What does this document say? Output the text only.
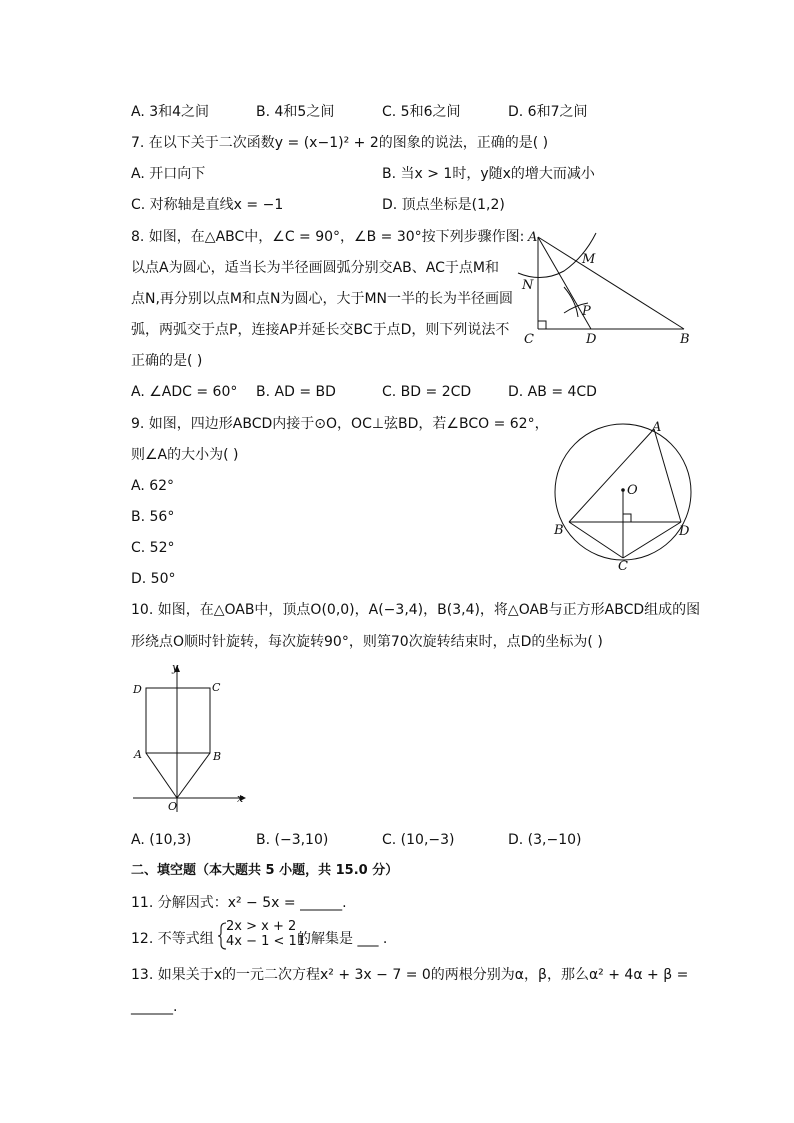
A. 3和4之间	B. 4和5之间	C. 5和6之间	D. 6和7之间
7. 在以下关于二次函数y = (x−1)² + 2的图象的说法，正确的是( )
A. 开口向下	B. 当x > 1时，y随x的增大而减小
C. 对称轴是直线x = −1	D. 顶点坐标是(1,2)
8. 如图，在△ABC中，∠C = 90°，∠B = 30°按下列步骤作图:
以点A为圆心，适当长为半径画圆弧分别交AB、AC于点M和
点N,再分别以点M和点N为圆心，大于MN一半的长为半径画圆
弧，两弧交于点P，连接AP并延长交BC于点D，则下列说法不
正确的是( )
A
M
N
P
C	D	B
A. ∠ADC = 60° B. AD = BD	C. BD = 2CD	D. AB = 4CD
9. 如图，四边形ABCD内接于⊙O，OC⊥弦BD，若∠BCO = 62°，
则∠A的大小为( )
A. 62°
B. 56°
C. 52°
D. 50°
A
O
B	D
C
10. 如图，在△OAB中，顶点O(0,0)，A(−3,4)，B(3,4)，将△OAB与正方形ABCD组成的图
形绕点O顺时针旋转，每次旋转90°，则第70次旋转结束时，点D的坐标为( )
y
x
D	C
A	B
O
A. (10,3)	B. (−3,10)	C. (10,−3)	D. (3,−10)
二、填空题（本大题共 5 小题，共 15.0 分）
11. 分解因式：x² − 5x = ______.
12. 不等式组
2x > x + 2
4x − 1 < 11
的解集是 ___ .
13. 如果关于x的一元二次方程x² + 3x − 7 = 0的两根分别为α，β，那么α² + 4α + β =
______.
